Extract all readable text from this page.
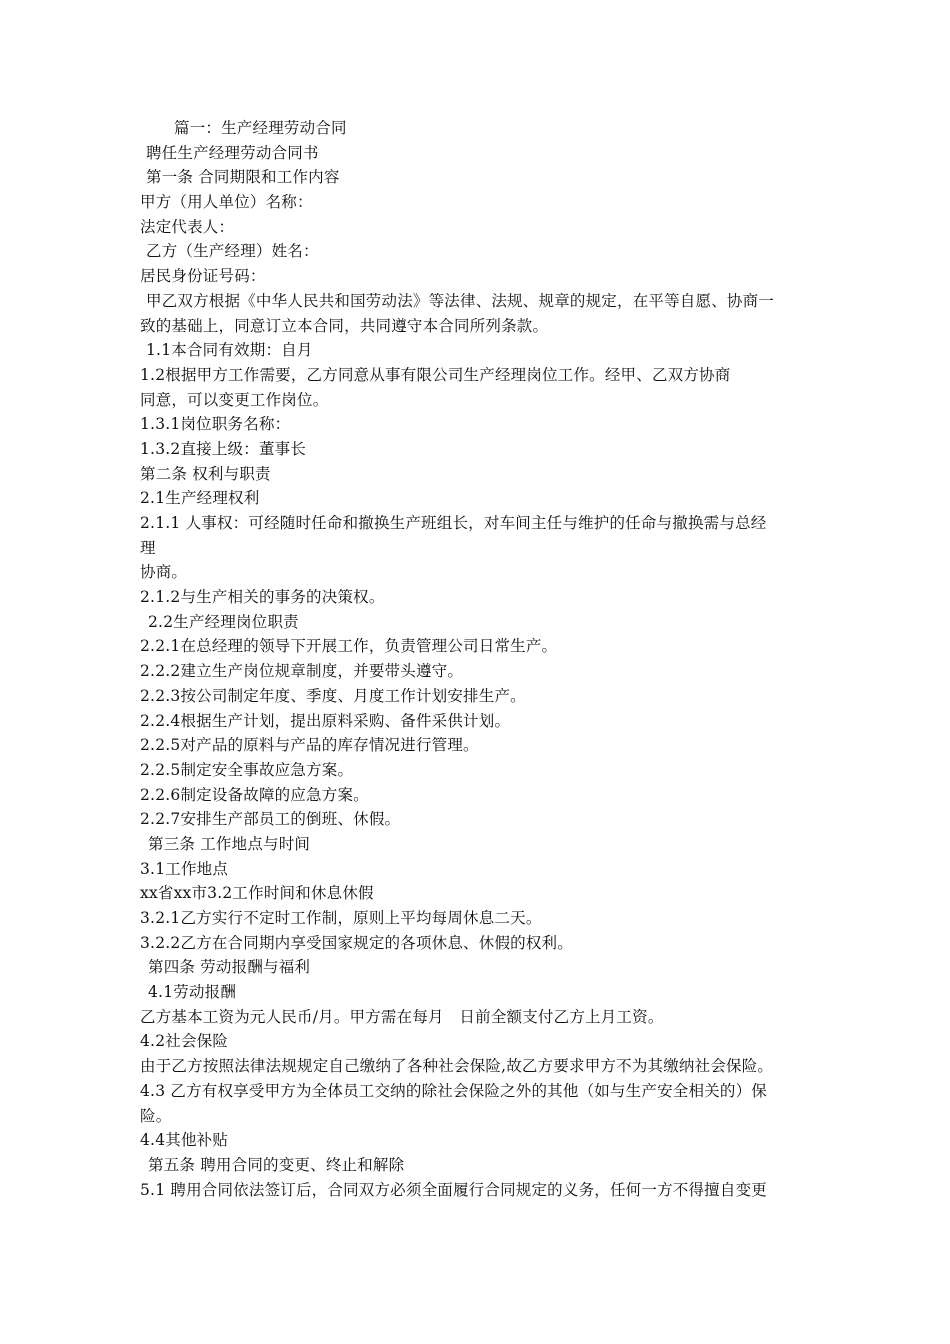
篇一：生产经理劳动合同
聘任生产经理劳动合同书
第一条 合同期限和工作内容
甲方（用人单位）名称：
法定代表人：
乙方（生产经理）姓名：
居民身份证号码：
甲乙双方根据《中华人民共和国劳动法》等法律、法规、规章的规定，在平等自愿、协商一
致的基础上，同意订立本合同，共同遵守本合同所列条款。
1.1本合同有效期：自月
1.2根据甲方工作需要，乙方同意从事有限公司生产经理岗位工作。经甲、乙双方协商
同意，可以变更工作岗位。
1.3.1岗位职务名称：
1.3.2直接上级：董事长
第二条 权利与职责
2.1生产经理权利
2.1.1 人事权：可经随时任命和撤换生产班组长，对车间主任与维护的任命与撤换需与总经
理
协商。
2.1.2与生产相关的事务的决策权。
2.2生产经理岗位职责
2.2.1在总经理的领导下开展工作，负责管理公司日常生产。
2.2.2建立生产岗位规章制度，并要带头遵守。
2.2.3按公司制定年度、季度、月度工作计划安排生产。
2.2.4根据生产计划，提出原料采购、备件采供计划。
2.2.5对产品的原料与产品的库存情况进行管理。
2.2.5制定安全事故应急方案。
2.2.6制定设备故障的应急方案。
2.2.7安排生产部员工的倒班、休假。
第三条 工作地点与时间
3.1工作地点
xx省xx市3.2工作时间和休息休假
3.2.1乙方实行不定时工作制，原则上平均每周休息二天。
3.2.2乙方在合同期内享受国家规定的各项休息、休假的权利。
第四条 劳动报酬与福利
4.1劳动报酬
乙方基本工资为元人民币/月。甲方需在每月　日前全额支付乙方上月工资。
4.2社会保险
由于乙方按照法律法规规定自己缴纳了各种社会保险,故乙方要求甲方不为其缴纳社会保险。
4.3 乙方有权享受甲方为全体员工交纳的除社会保险之外的其他（如与生产安全相关的）保
险。
4.4其他补贴
第五条 聘用合同的变更、终止和解除
5.1 聘用合同依法签订后，合同双方必须全面履行合同规定的义务，任何一方不得擅自变更
